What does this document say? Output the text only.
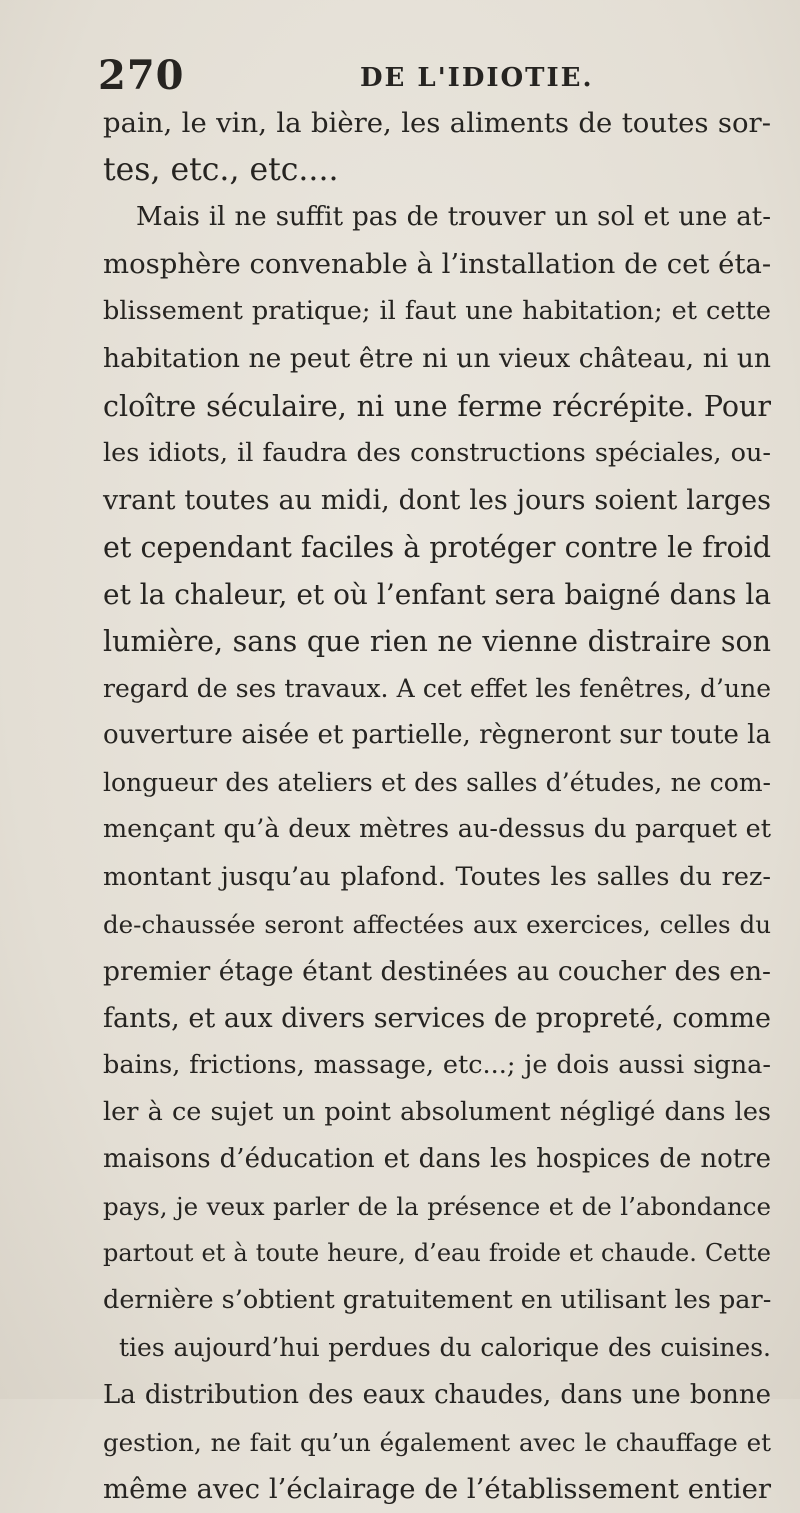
270	DE L'IDIOTIE.
pain, le vin, la bière, les aliments de toutes sor-
tes, etc., etc....
Mais il ne suffit pas de trouver un sol et une at-
mosphère convenable à l’installation de cet éta-
blissement pratique; il faut une habitation; et cette
habitation ne peut être ni un vieux château, ni un
cloître séculaire, ni une ferme récrépite. Pour
les idiots, il faudra des constructions spéciales, ou-
vrant toutes au midi, dont les jours soient larges
et cependant faciles à protéger contre le froid
et la chaleur, et où l’enfant sera baigné dans la
lumière, sans que rien ne vienne distraire son
regard de ses travaux. A cet effet les fenêtres, d’une
ouverture aisée et partielle, règneront sur toute la
longueur des ateliers et des salles d’études, ne com-
mençant qu’à deux mètres au-dessus du parquet et
montant jusqu’au plafond. Toutes les salles du rez-
de-chaussée seront affectées aux exercices, celles du
premier étage étant destinées au coucher des en-
fants, et aux divers services de propreté, comme
bains, frictions, massage, etc...; je dois aussi signa-
ler à ce sujet un point absolument négligé dans les
maisons d’éducation et dans les hospices de notre
pays, je veux parler de la présence et de l’abondance
partout et à toute heure, d’eau froide et chaude. Cette
dernière s’obtient gratuitement en utilisant les par-
ties aujourd’hui perdues du calorique des cuisines.
La distribution des eaux chaudes, dans une bonne
gestion, ne fait qu’un également avec le chauffage et
même avec l’éclairage de l’établissement entier
